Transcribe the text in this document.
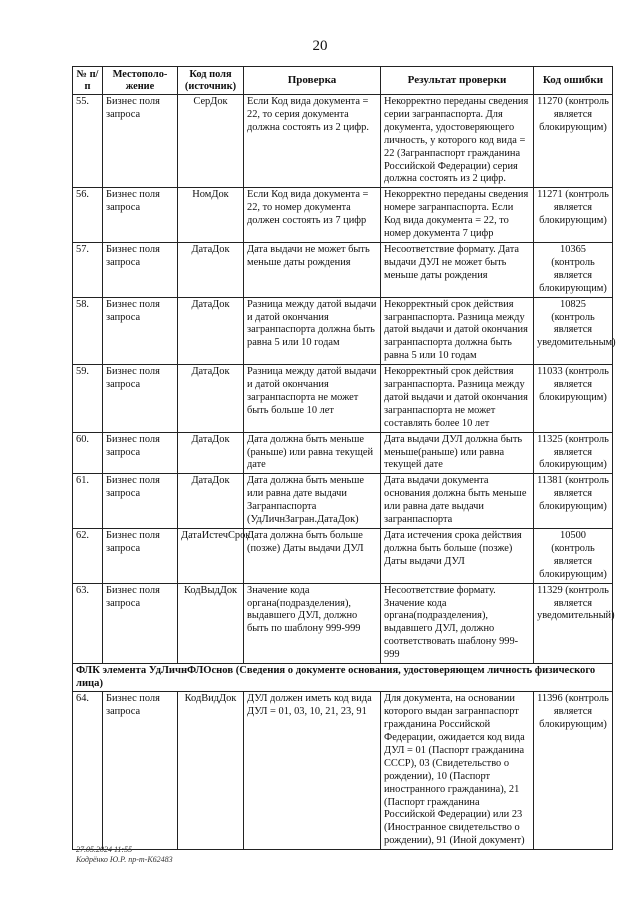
20
№ п/п	Местополо-жение	Код поля (источник)	Проверка	Результат проверки	Код ошибки
55.	Бизнес поля запроса	СерДок	Если Код вида документа = 22, то серия документа должна состоять из 2 цифр.	Некорректно переданы сведения серии загранпаспорта. Для документа, удостоверяющего личность, у которого код вида = 22 (Загранпаспорт гражданина Российской Федерации) серия должна состоять из 2 цифр.	11270 (контроль является блокирующим)
56.	Бизнес поля запроса	НомДок	Если Код вида документа = 22, то номер документа должен состоять из 7 цифр	Некорректно переданы сведения номере загранпаспорта. Если Код вида документа = 22, то номер документа 7 цифр	11271 (контроль является блокирующим)
57.	Бизнес поля запроса	ДатаДок	Дата выдачи не может быть меньше даты рождения	Несоответствие формату. Дата выдачи ДУЛ не может быть меньше даты рождения	10365 (контроль является блокирующим)
58.	Бизнес поля запроса	ДатаДок	Разница между датой выдачи и датой окончания загранпаспорта должна быть равна 5 или 10 годам	Некорректный срок действия загранпаспорта. Разница между датой выдачи и датой окончания загранпаспорта должна быть равна 5 или 10 годам	10825 (контроль является уведомительным)
59.	Бизнес поля запроса	ДатаДок	Разница между датой выдачи и датой окончания загранпаспорта не может быть больше 10 лет	Некорректный срок действия загранпаспорта. Разница между датой выдачи и датой окончания загранпаспорта не может составлять более 10 лет	11033 (контроль является блокирующим)
60.	Бизнес поля запроса	ДатаДок	Дата должна быть меньше (раньше) или равна текущей дате	Дата выдачи ДУЛ должна быть меньше(раньше) или равна текущей дате	11325 (контроль является блокирующим)
61.	Бизнес поля запроса	ДатаДок	Дата должна быть меньше или равна дате выдачи Загранпаспорта (УдЛичнЗагран.ДатаДок)	Дата выдачи документа основания должна быть меньше или равна дате выдачи загранпаспорта	11381 (контроль является блокирующим)
62.	Бизнес поля запроса	ДатаИстечСрок	Дата должна быть больше (позже) Даты выдачи ДУЛ	Дата истечения срока действия должна быть больше (позже) Даты выдачи ДУЛ	10500 (контроль является блокирующим)
63.	Бизнес поля запроса	КодВыдДок	Значение кода органа(подразделения), выдавшего ДУЛ, должно быть по шаблону 999-999	Несоответствие формату. Значение кода органа(подразделения), выдавшего ДУЛ, должно соответствовать шаблону 999-999	11329 (контроль является уведомительный)
ФЛК элемента УдЛичнФЛОснов (Сведения о документе основания, удостоверяющем личность физического лица)					
64.	Бизнес поля запроса	КодВидДок	ДУЛ должен иметь код вида ДУЛ = 01, 03, 10, 21, 23, 91	Для документа, на основании которого выдан загранпаспорт гражданина Российской Федерации, ожидается код вида ДУЛ = 01 (Паспорт гражданина СССР), 03 (Свидетельство о рождении), 10 (Паспорт иностранного гражданина), 21 (Паспорт гражданина Российской Федерации) или 23 (Иностранное свидетельство о рождении), 91 (Иной документ)	11396 (контроль является блокирующим)
27.05.2024 11:55
Кодрёнко Ю.Р. пр-т-К62483
